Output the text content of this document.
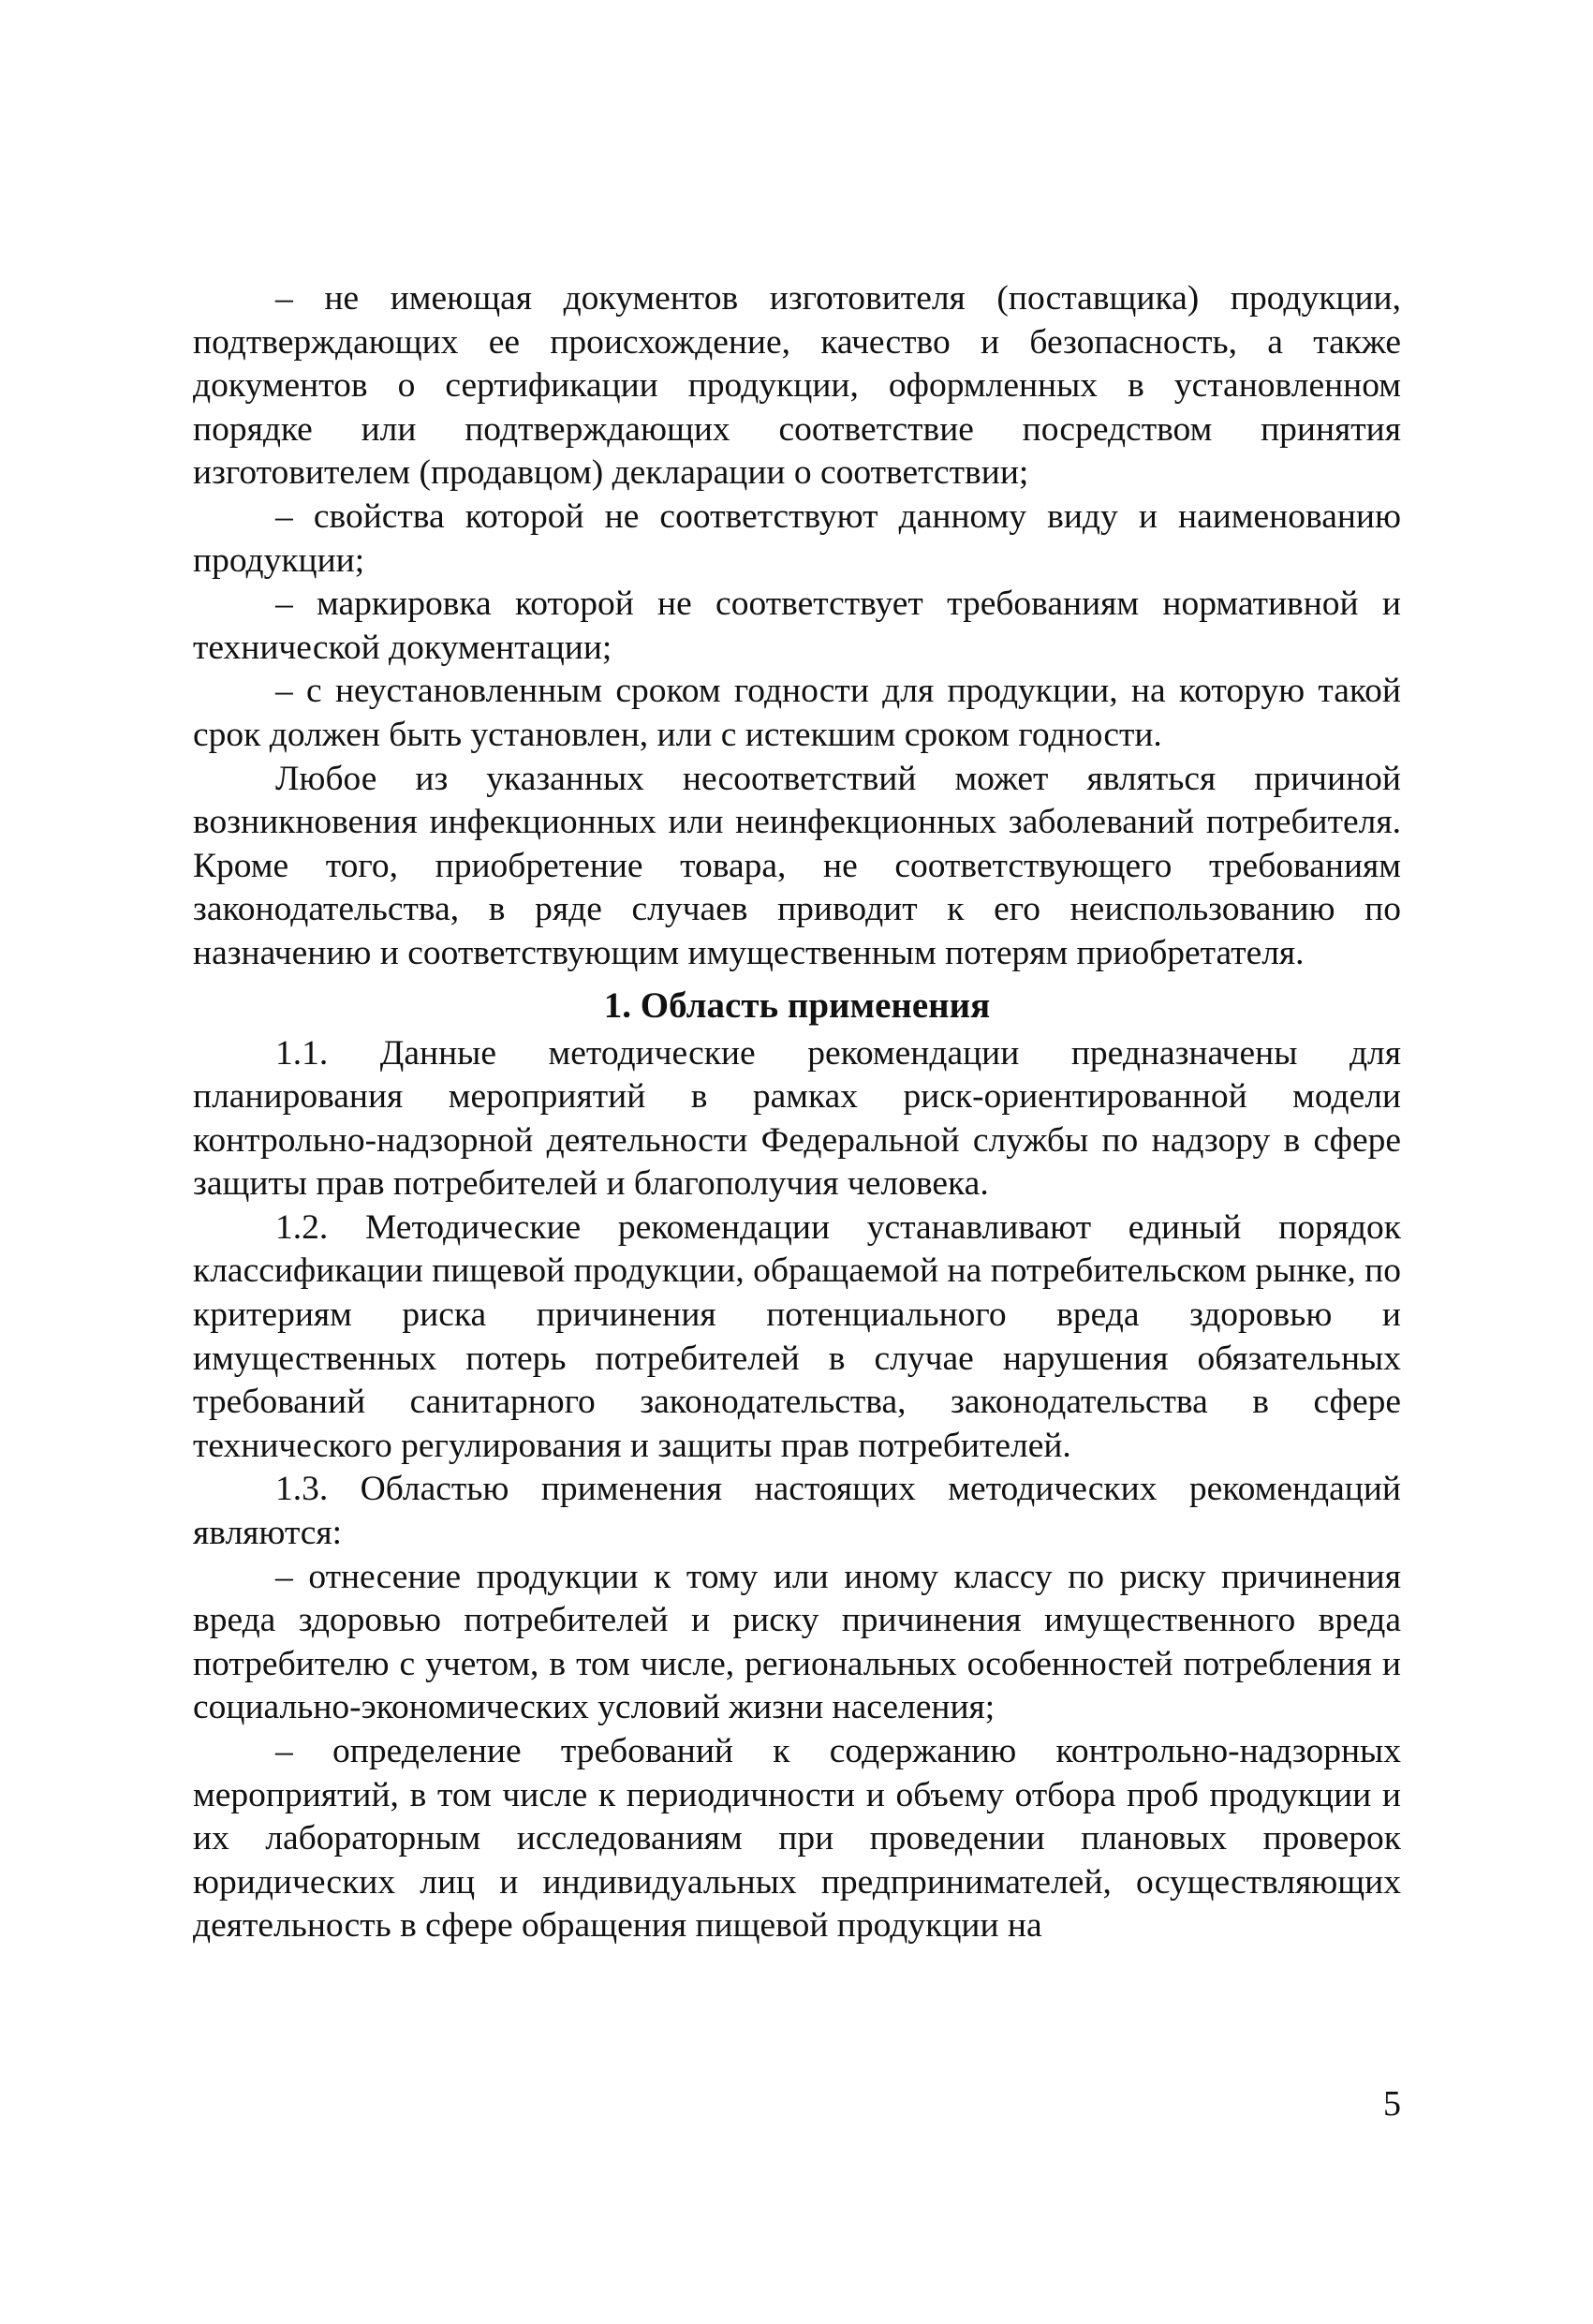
– не имеющая документов изготовителя (поставщика) продукции, подтверждающих ее происхождение, качество и безопасность, а также документов о сертификации продукции, оформленных в установленном порядке или подтверждающих соответствие посредством принятия изготовителем (продавцом) декларации о соответствии;

– свойства которой не соответствуют данному виду и наименованию продукции;

– маркировка которой не соответствует требованиям нормативной и технической документации;

– с неустановленным сроком годности для продукции, на которую такой срок должен быть установлен, или с истекшим сроком годности.

Любое из указанных несоответствий может являться причиной возникновения инфекционных или неинфекционных заболеваний потребителя. Кроме того, приобретение товара, не соответствующего требованиям законодательства, в ряде случаев приводит к его неиспользованию по назначению и соответствующим имущественным потерям приобретателя.

1. Область применения

1.1. Данные методические рекомендации предназначены для планирования мероприятий в рамках риск-ориентированной модели контрольно-надзорной деятельности Федеральной службы по надзору в сфере защиты прав потребителей и благополучия человека.

1.2. Методические рекомендации устанавливают единый порядок классификации пищевой продукции, обращаемой на потребительском рынке, по критериям риска причинения потенциального вреда здоровью и имущественных потерь потребителей в случае нарушения обязательных требований санитарного законодательства, законодательства в сфере технического регулирования и защиты прав потребителей.

1.3. Областью применения настоящих методических рекомендаций являются:

– отнесение продукции к тому или иному классу по риску причинения вреда здоровью потребителей и риску причинения имущественного вреда потребителю с учетом, в том числе, региональных особенностей потребления и социально-экономических условий жизни населения;

– определение требований к содержанию контрольно-надзорных мероприятий, в том числе к периодичности и объему отбора проб продукции и их лабораторным исследованиям при проведении плановых проверок юридических лиц и индивидуальных предпринимателей, осуществляющих деятельность в сфере обращения пищевой продукции на

5
